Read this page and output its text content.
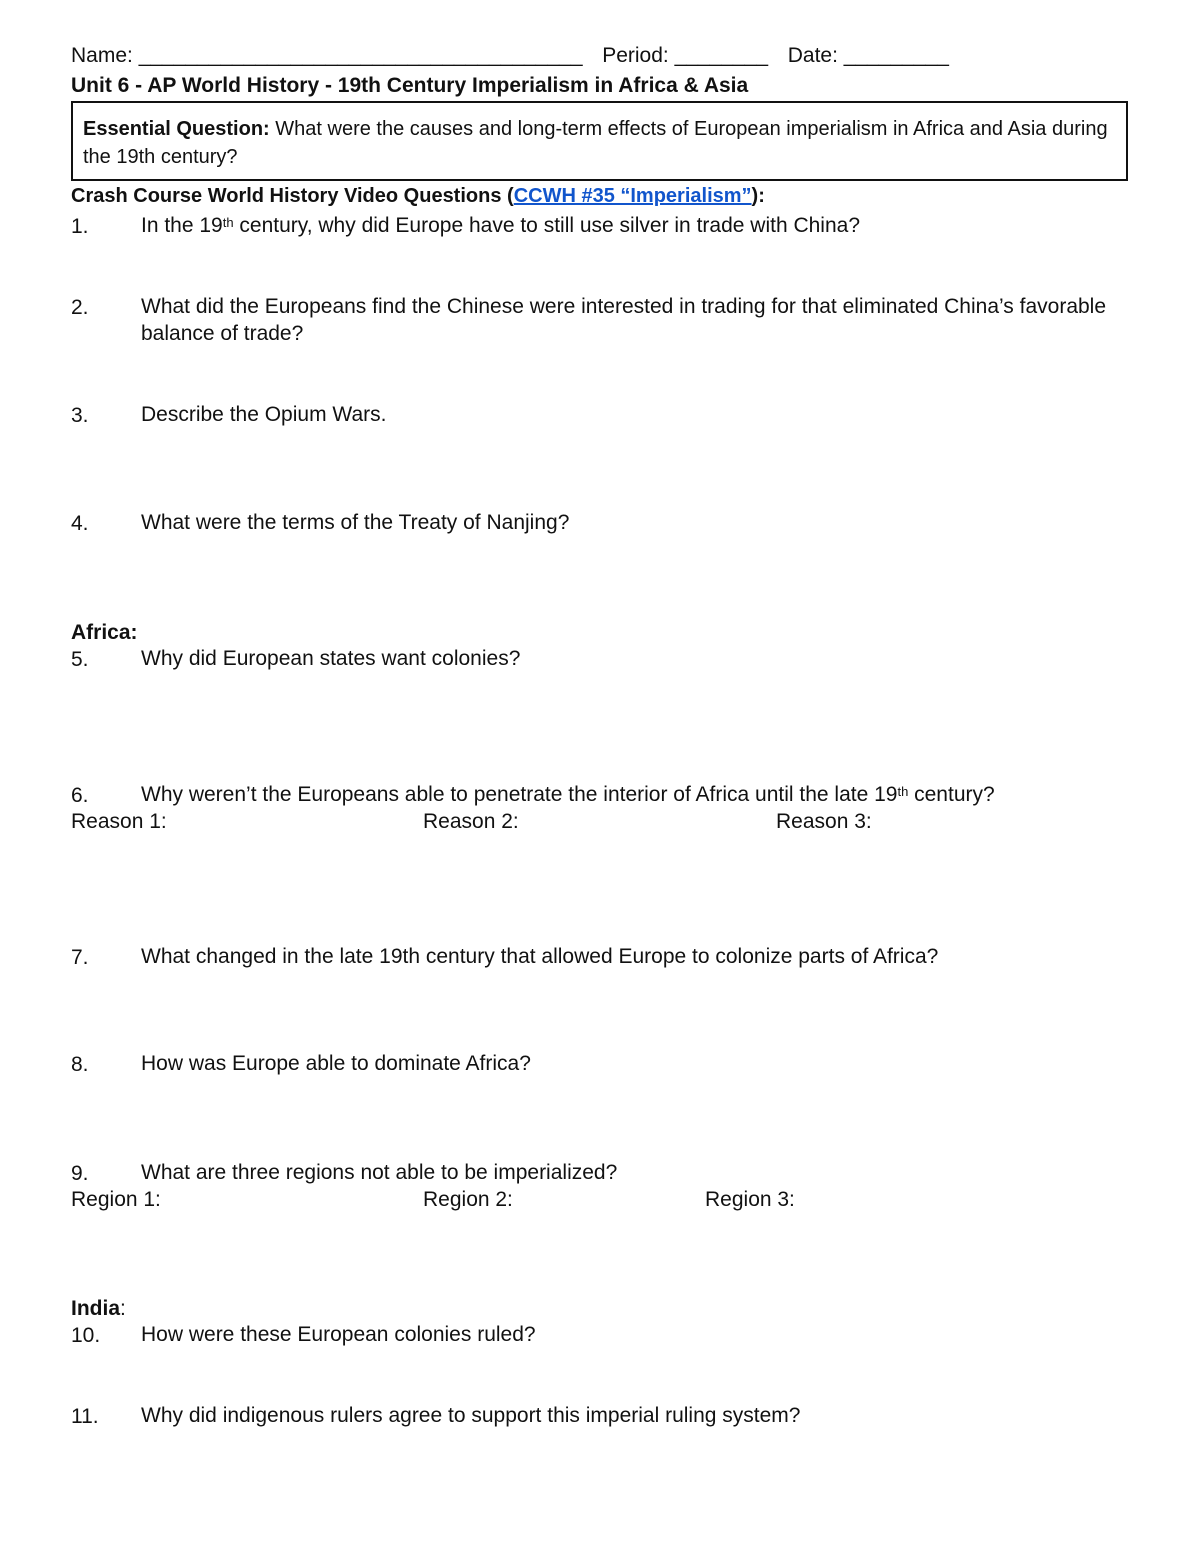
Name: ______________________________________ Period: ________ Date: _________
Unit 6 - AP World History - 19th Century Imperialism in Africa & Asia
Essential Question: What were the causes and long-term effects of European imperialism in Africa and Asia during the 19th century?
Crash Course World History Video Questions (CCWH #35 “Imperialism”):
1. In the 19th century, why did Europe have to still use silver in trade with China?
2. What did the Europeans find the Chinese were interested in trading for that eliminated China’s favorable balance of trade?
3. Describe the Opium Wars.
4. What were the terms of the Treaty of Nanjing?
Africa:
5. Why did European states want colonies?
6. Why weren’t the Europeans able to penetrate the interior of Africa until the late 19th century?
Reason 1:	Reason 2:	Reason 3:
7. What changed in the late 19th century that allowed Europe to colonize parts of Africa?
8. How was Europe able to dominate Africa?
9. What are three regions not able to be imperialized?
Region 1:	Region 2:	Region 3:
India:
10. How were these European colonies ruled?
11. Why did indigenous rulers agree to support this imperial ruling system?
